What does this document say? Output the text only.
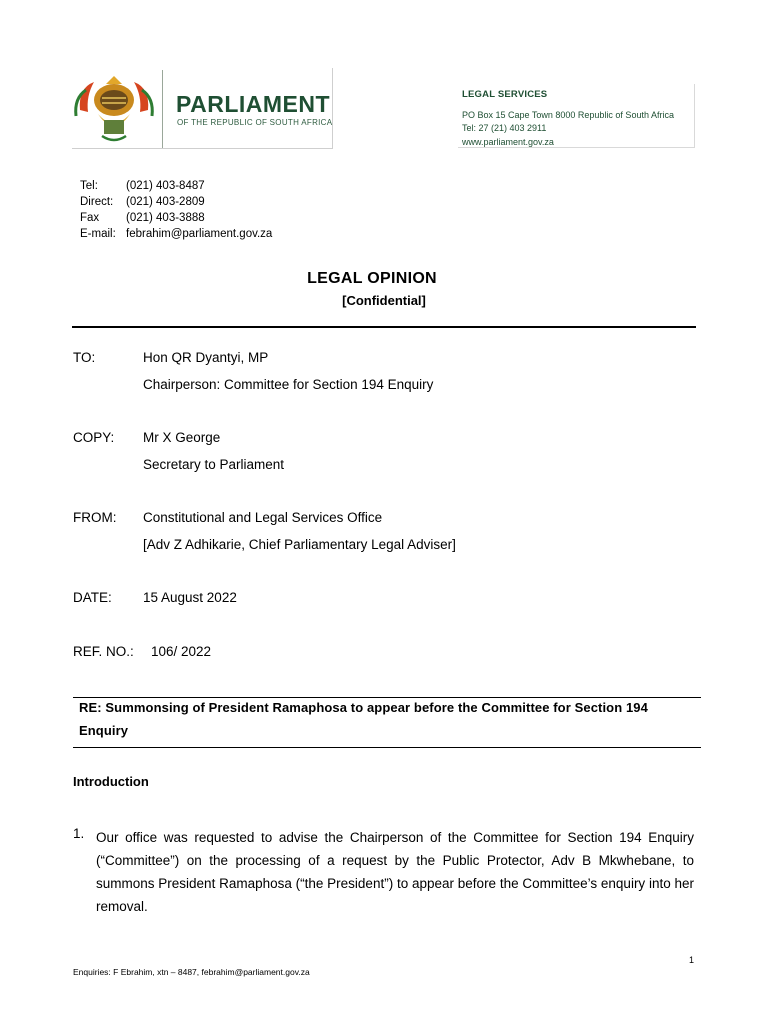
PARLIAMENT
OF THE REPUBLIC OF SOUTH AFRICA
LEGAL SERVICES
PO Box 15 Cape Town 8000 Republic of South Africa
Tel: 27 (21) 403 2911
www.parliament.gov.za
Tel: (021) 403-8487
Direct: (021) 403-2809
Fax (021) 403-3888
E-mail: febrahim@parliament.gov.za
LEGAL OPINION
[Confidential]
TO:	Hon QR Dyantyi, MP
Chairperson: Committee for Section 194 Enquiry
COPY: Mr X George
Secretary to Parliament
FROM: Constitutional and Legal Services Office
[Adv Z Adhikarie, Chief Parliamentary Legal Adviser]
DATE: 15 August 2022
REF. NO.: 106/ 2022
RE: Summonsing of President Ramaphosa to appear before the Committee for Section 194 Enquiry
Introduction
1. Our office was requested to advise the Chairperson of the Committee for Section 194 Enquiry (“Committee”) on the processing of a request by the Public Protector, Adv B Mkwhebane, to summons President Ramaphosa (“the President”) to appear before the Committee’s enquiry into her removal.
1
Enquiries: F Ebrahim, xtn – 8487, febrahim@parliament.gov.za
